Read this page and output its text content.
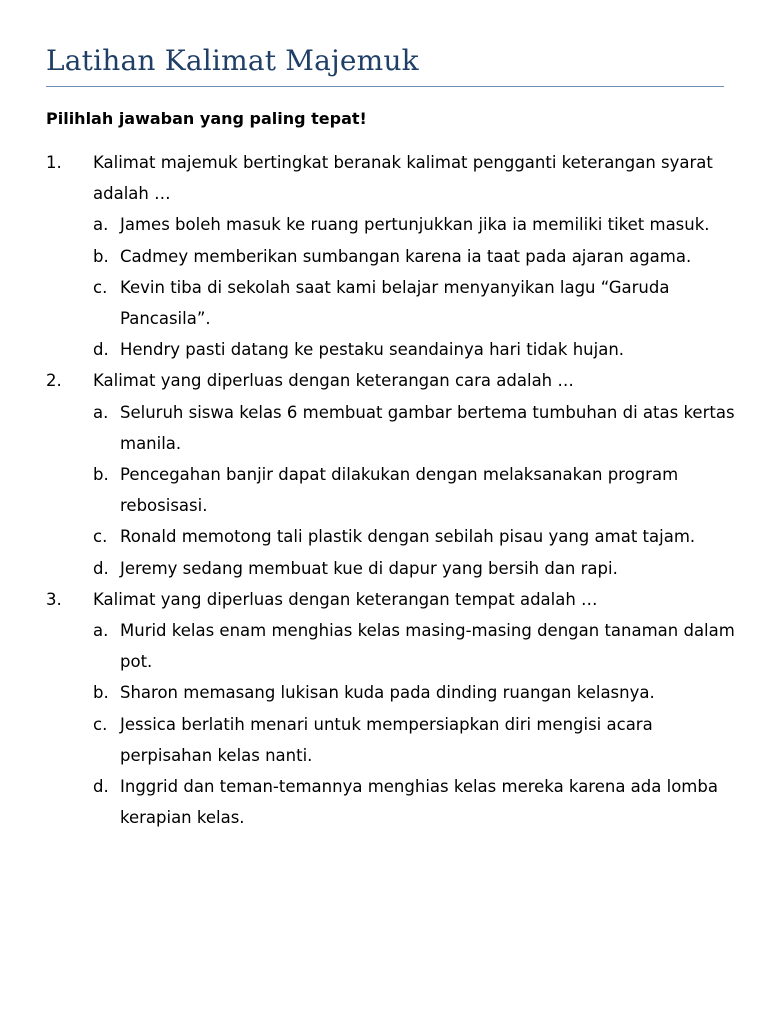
Latihan Kalimat Majemuk
Pilihlah jawaban yang paling tepat!
1. Kalimat majemuk bertingkat beranak kalimat pengganti keterangan syarat adalah …
a. James boleh masuk ke ruang pertunjukkan jika ia memiliki tiket masuk.
b. Cadmey memberikan sumbangan karena ia taat pada ajaran agama.
c. Kevin tiba di sekolah saat kami belajar menyanyikan lagu “Garuda Pancasila”.
d. Hendry pasti datang ke pestaku seandainya hari tidak hujan.
2. Kalimat yang diperluas dengan keterangan cara adalah …
a. Seluruh siswa kelas 6 membuat gambar bertema tumbuhan di atas kertas manila.
b. Pencegahan banjir dapat dilakukan dengan melaksanakan program rebosisasi.
c. Ronald memotong tali plastik dengan sebilah pisau yang amat tajam.
d. Jeremy sedang membuat kue di dapur yang bersih dan rapi.
3. Kalimat yang diperluas dengan keterangan tempat adalah …
a. Murid kelas enam menghias kelas masing-masing dengan tanaman dalam pot.
b. Sharon memasang lukisan kuda pada dinding ruangan kelasnya.
c. Jessica berlatih menari untuk mempersiapkan diri mengisi acara perpisahan kelas nanti.
d. Inggrid dan teman-temannya menghias kelas mereka karena ada lomba kerapian kelas.
